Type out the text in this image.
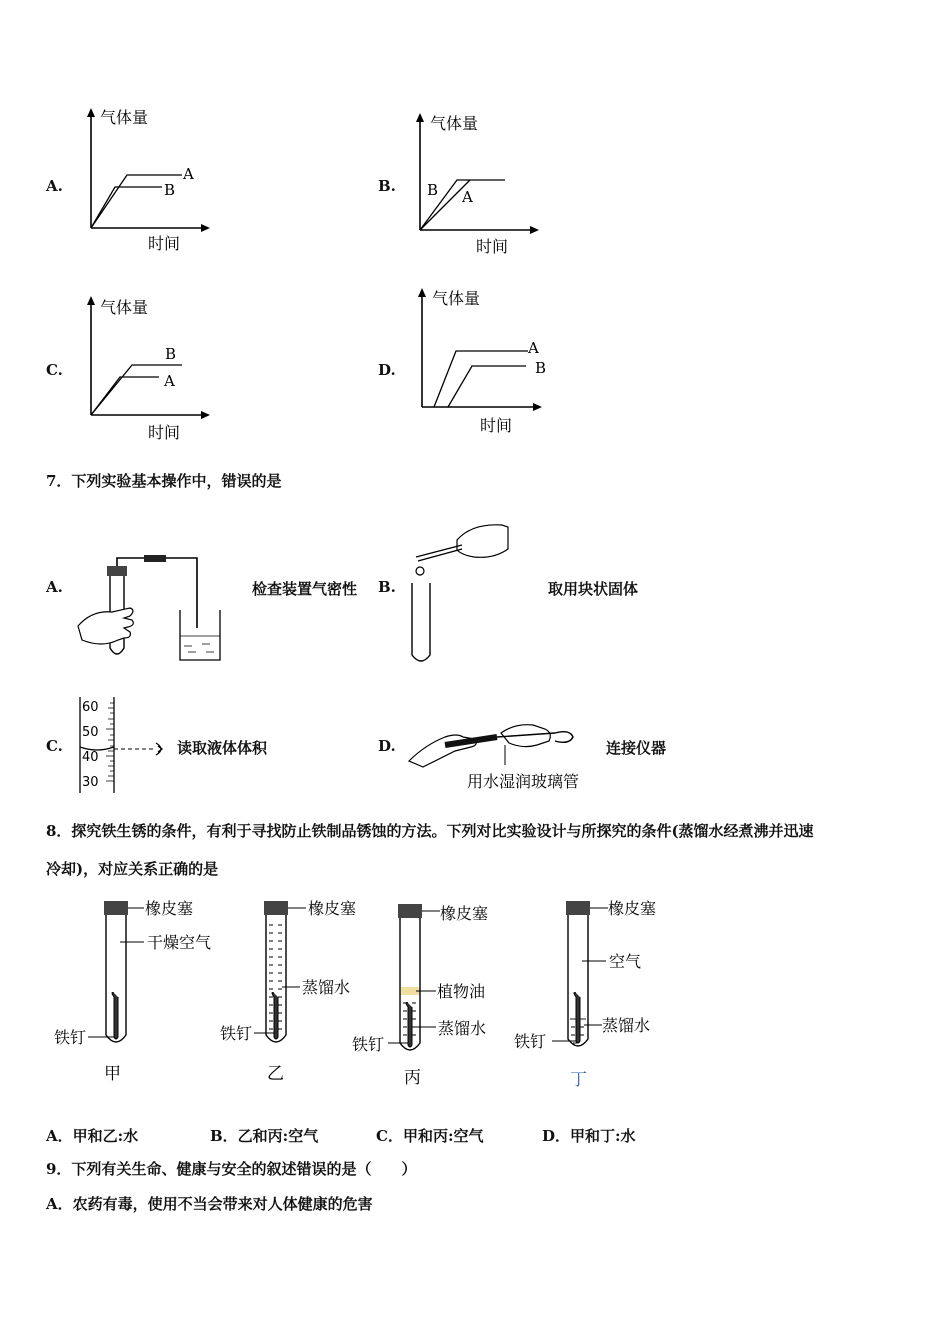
A.
气体量
时间
A
B	B.
气体量
时间
B A
C.
气体量
时间
B
A
D.
气体量
时间
A
B
7．下列实验基本操作中，错误的是
A.	检查装置气密性 B.	取用块状固体
C.
60
50
40
30
读取液体体积	D.
用水湿润玻璃管
连接仪器
8．探究铁生锈的条件，有利于寻找防止铁制品锈蚀的方法。下列对比实验设计与所探究的条件(蒸馏水经煮沸并迅速
冷却)，对应关系正确的是
橡皮塞
干燥空气
铁钉
甲
橡皮塞
蒸馏水
铁钉
乙
橡皮塞
植物油
蒸馏水
铁钉
丙
橡皮塞
空气
蒸馏水
铁钉
丁
A．甲和乙:水	B．乙和丙:空气	C．甲和丙:空气	D．甲和丁:水
9．下列有关生命、健康与安全的叙述错误的是（　　）
A．农药有毒，使用不当会带来对人体健康的危害
